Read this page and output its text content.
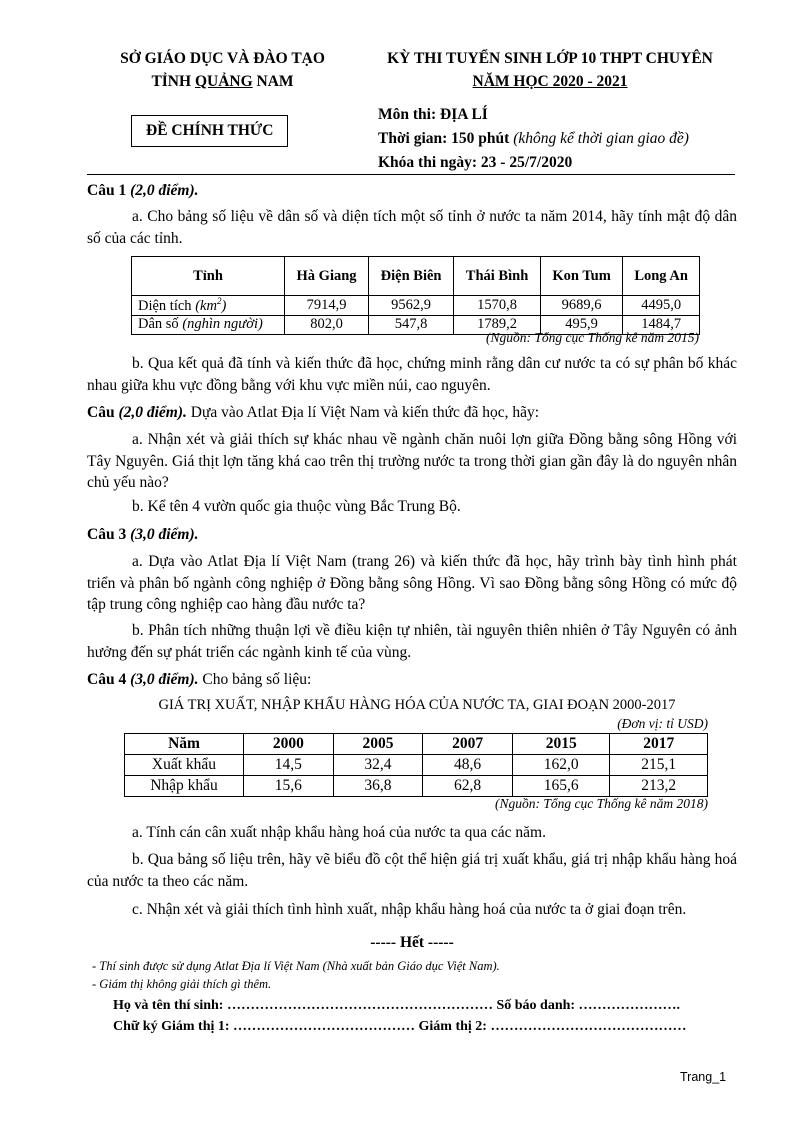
SỞ GIÁO DỤC VÀ ĐÀO TẠO
TỈNH QUẢNG NAM
KỲ THI TUYỂN SINH LỚP 10 THPT CHUYÊN
NĂM HỌC 2020 - 2021
ĐỀ CHÍNH THỨC
Môn thi: ĐỊA LÍ
Thời gian: 150 phút (không kể thời gian giao đề)
Khóa thi ngày: 23 - 25/7/2020
Câu 1 (2,0 điểm).

a. Cho bảng số liệu về dân số và diện tích một số tỉnh ở nước ta năm 2014, hãy tính mật độ dân số của các tỉnh.

Tỉnh	Hà Giang	Điện Biên	Thái Bình	Kon Tum	Long An
Diện tích $(km^2)$	7914,9	9562,9	1570,8	9689,6	4495,0
Dân số (nghìn người)	802,0	547,8	1789,2	495,9	1484,7
(Nguồn: Tổng cục Thống kê năm 2015)

b. Qua kết quả đã tính và kiến thức đã học, chứng minh rằng dân cư nước ta có sự phân bố khác nhau giữa khu vực đồng bằng với khu vực miền núi, cao nguyên.

Câu (2,0 điểm). Dựa vào Atlat Địa lí Việt Nam và kiến thức đã học, hãy:

a. Nhận xét và giải thích sự khác nhau về ngành chăn nuôi lợn giữa Đồng bằng sông Hồng với Tây Nguyên. Giá thịt lợn tăng khá cao trên thị trường nước ta trong thời gian gần đây là do nguyên nhân chủ yếu nào?

b. Kể tên 4 vườn quốc gia thuộc vùng Bắc Trung Bộ.

Câu 3 (3,0 điểm).

a. Dựa vào Atlat Địa lí Việt Nam (trang 26) và kiến thức đã học, hãy trình bày tình hình phát triển và phân bố ngành công nghiệp ở Đồng bằng sông Hồng. Vì sao Đồng bằng sông Hồng có mức độ tập trung công nghiệp cao hàng đầu nước ta?

b. Phân tích những thuận lợi về điều kiện tự nhiên, tài nguyên thiên nhiên ở Tây Nguyên có ảnh hưởng đến sự phát triển các ngành kinh tế của vùng.

Câu 4 (3,0 điểm). Cho bảng số liệu:
GIÁ TRỊ XUẤT, NHẬP KHẨU HÀNG HÓA CỦA NƯỚC TA, GIAI ĐOẠN 2000-2017
(Đơn vị: tỉ USD)
Năm	2000	2005	2007	2015	2017
Xuất khẩu	14,5	32,4	48,6	162,0	215,1
Nhập khẩu	15,6	36,8	62,8	165,6	213,2
(Nguồn: Tổng cục Thống kê năm 2018)

a. Tính cán cân xuất nhập khẩu hàng hoá của nước ta qua các năm.

b. Qua bảng số liệu trên, hãy vẽ biểu đồ cột thể hiện giá trị xuất khẩu, giá trị nhập khẩu hàng hoá của nước ta theo các năm.

c. Nhận xét và giải thích tình hình xuất, nhập khẩu hàng hoá của nước ta ở giai đoạn trên.

----- Hết -----
- Thí sinh được sử dụng Atlat Địa lí Việt Nam (Nhà xuất bản Giáo dục Việt Nam).
- Giám thị không giải thích gì thêm.
Họ và tên thí sinh: ………………………………………………… Số báo danh: ………………….
Chữ ký Giám thị 1: ………………………………… Giám thị 2: ……………………………………
Trang_1
